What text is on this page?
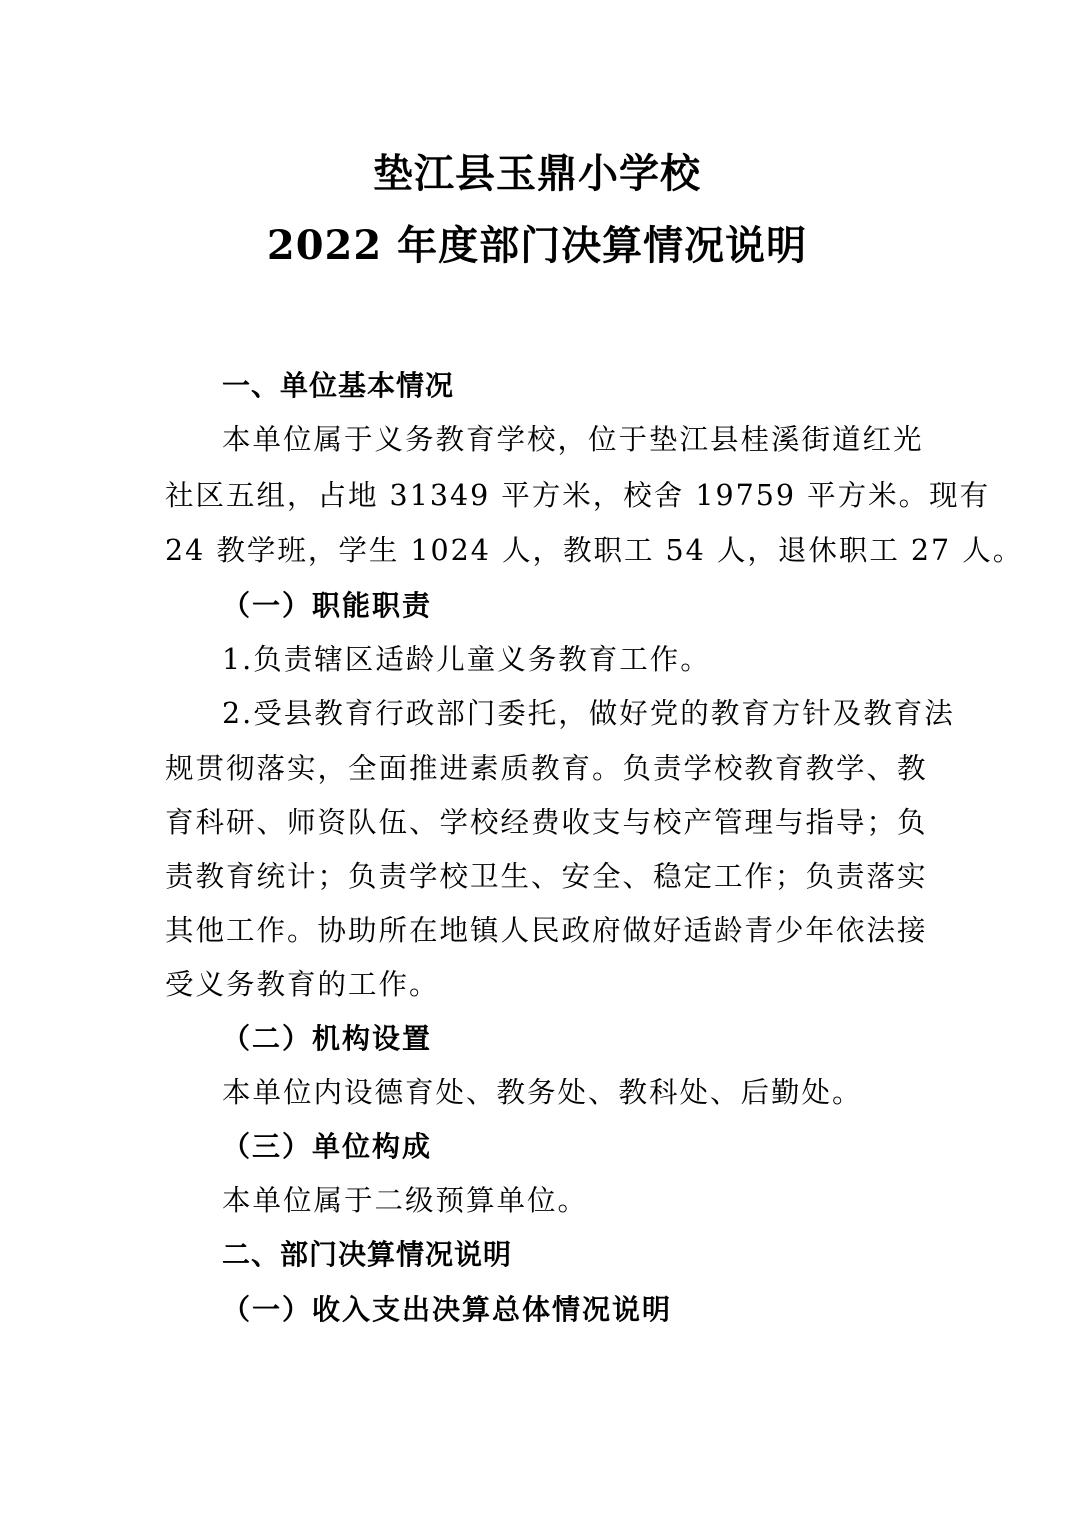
垫江县玉鼎小学校
2022 年度部门决算情况说明
一、单位基本情况
本单位属于义务教育学校，位于垫江县桂溪街道红光
社区五组，占地 31349 平方米，校舍 19759 平方米。现有
24 教学班，学生 1024 人，教职工 54 人，退休职工 27 人。
（一）职能职责
1.负责辖区适龄儿童义务教育工作。
2.受县教育行政部门委托，做好党的教育方针及教育法
规贯彻落实，全面推进素质教育。负责学校教育教学、教
育科研、师资队伍、学校经费收支与校产管理与指导；负
责教育统计；负责学校卫生、安全、稳定工作；负责落实
其他工作。协助所在地镇人民政府做好适龄青少年依法接
受义务教育的工作。
（二）机构设置
本单位内设德育处、教务处、教科处、后勤处。
（三）单位构成
本单位属于二级预算单位。
二、部门决算情况说明
（一）收入支出决算总体情况说明
